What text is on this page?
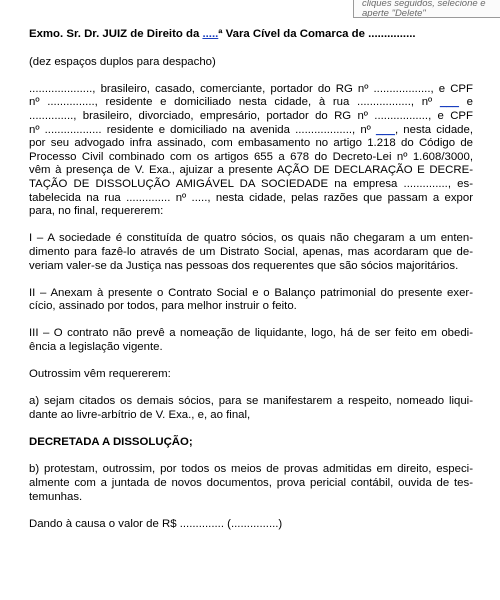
cliques seguidos, selecione e
aperte "Delete"
Exmo. Sr. Dr. JUIZ de Direito da .....ª Vara Cível da Comarca de ...............
(dez espaços duplos para despacho)
...................., brasileiro, casado, comerciante, portador do RG nº .................., e CPF
nº ..............., residente e domiciliado nesta cidade, à rua ................., nº ___ e
.............., brasileiro, divorciado, empresário, portador do RG nº ................., e CPF
nº .................. residente e domiciliado na avenida .................., nº ___, nesta cidade,
por seu advogado infra assinado, com embasamento no artigo 1.218 do Código de
Processo Civil combinado com os artigos 655 a 678 do Decreto-Lei nº 1.608/3000,
vêm à presença de V. Exa., ajuizar a presente AÇÃO DE DECLARAÇÃO E DECRE-
TAÇÃO DE DISSOLUÇÃO AMIGÁVEL DA SOCIEDADE na empresa .............., es-
tabelecida na rua .............. nº ....., nesta cidade, pelas razões que passam a expor
para, no final, requererem:
I – A sociedade é constituída de quatro sócios, os quais não chegaram a um enten-
dimento para fazê-lo através de um Distrato Social, apenas, mas acordaram que de-
veriam valer-se da Justiça nas pessoas dos requerentes que são sócios majoritários.
II – Anexam à presente o Contrato Social e o Balanço patrimonial do presente exer-
cício, assinado por todos, para melhor instruir o feito.
III – O contrato não prevê a nomeação de liquidante, logo, há de ser feito em obedi-
ência a legislação vigente.
Outrossim vêm requererem:
a) sejam citados os demais sócios, para se manifestarem a respeito, nomeado liqui-
dante ao livre-arbítrio de V. Exa., e, ao final,
DECRETADA A DISSOLUÇÃO;
b) protestam, outrossim, por todos os meios de provas admitidas em direito, especi-
almente com a juntada de novos documentos, prova pericial contábil, ouvida de tes-
temunhas.
Dando à causa o valor de R$ .............. (...............)
